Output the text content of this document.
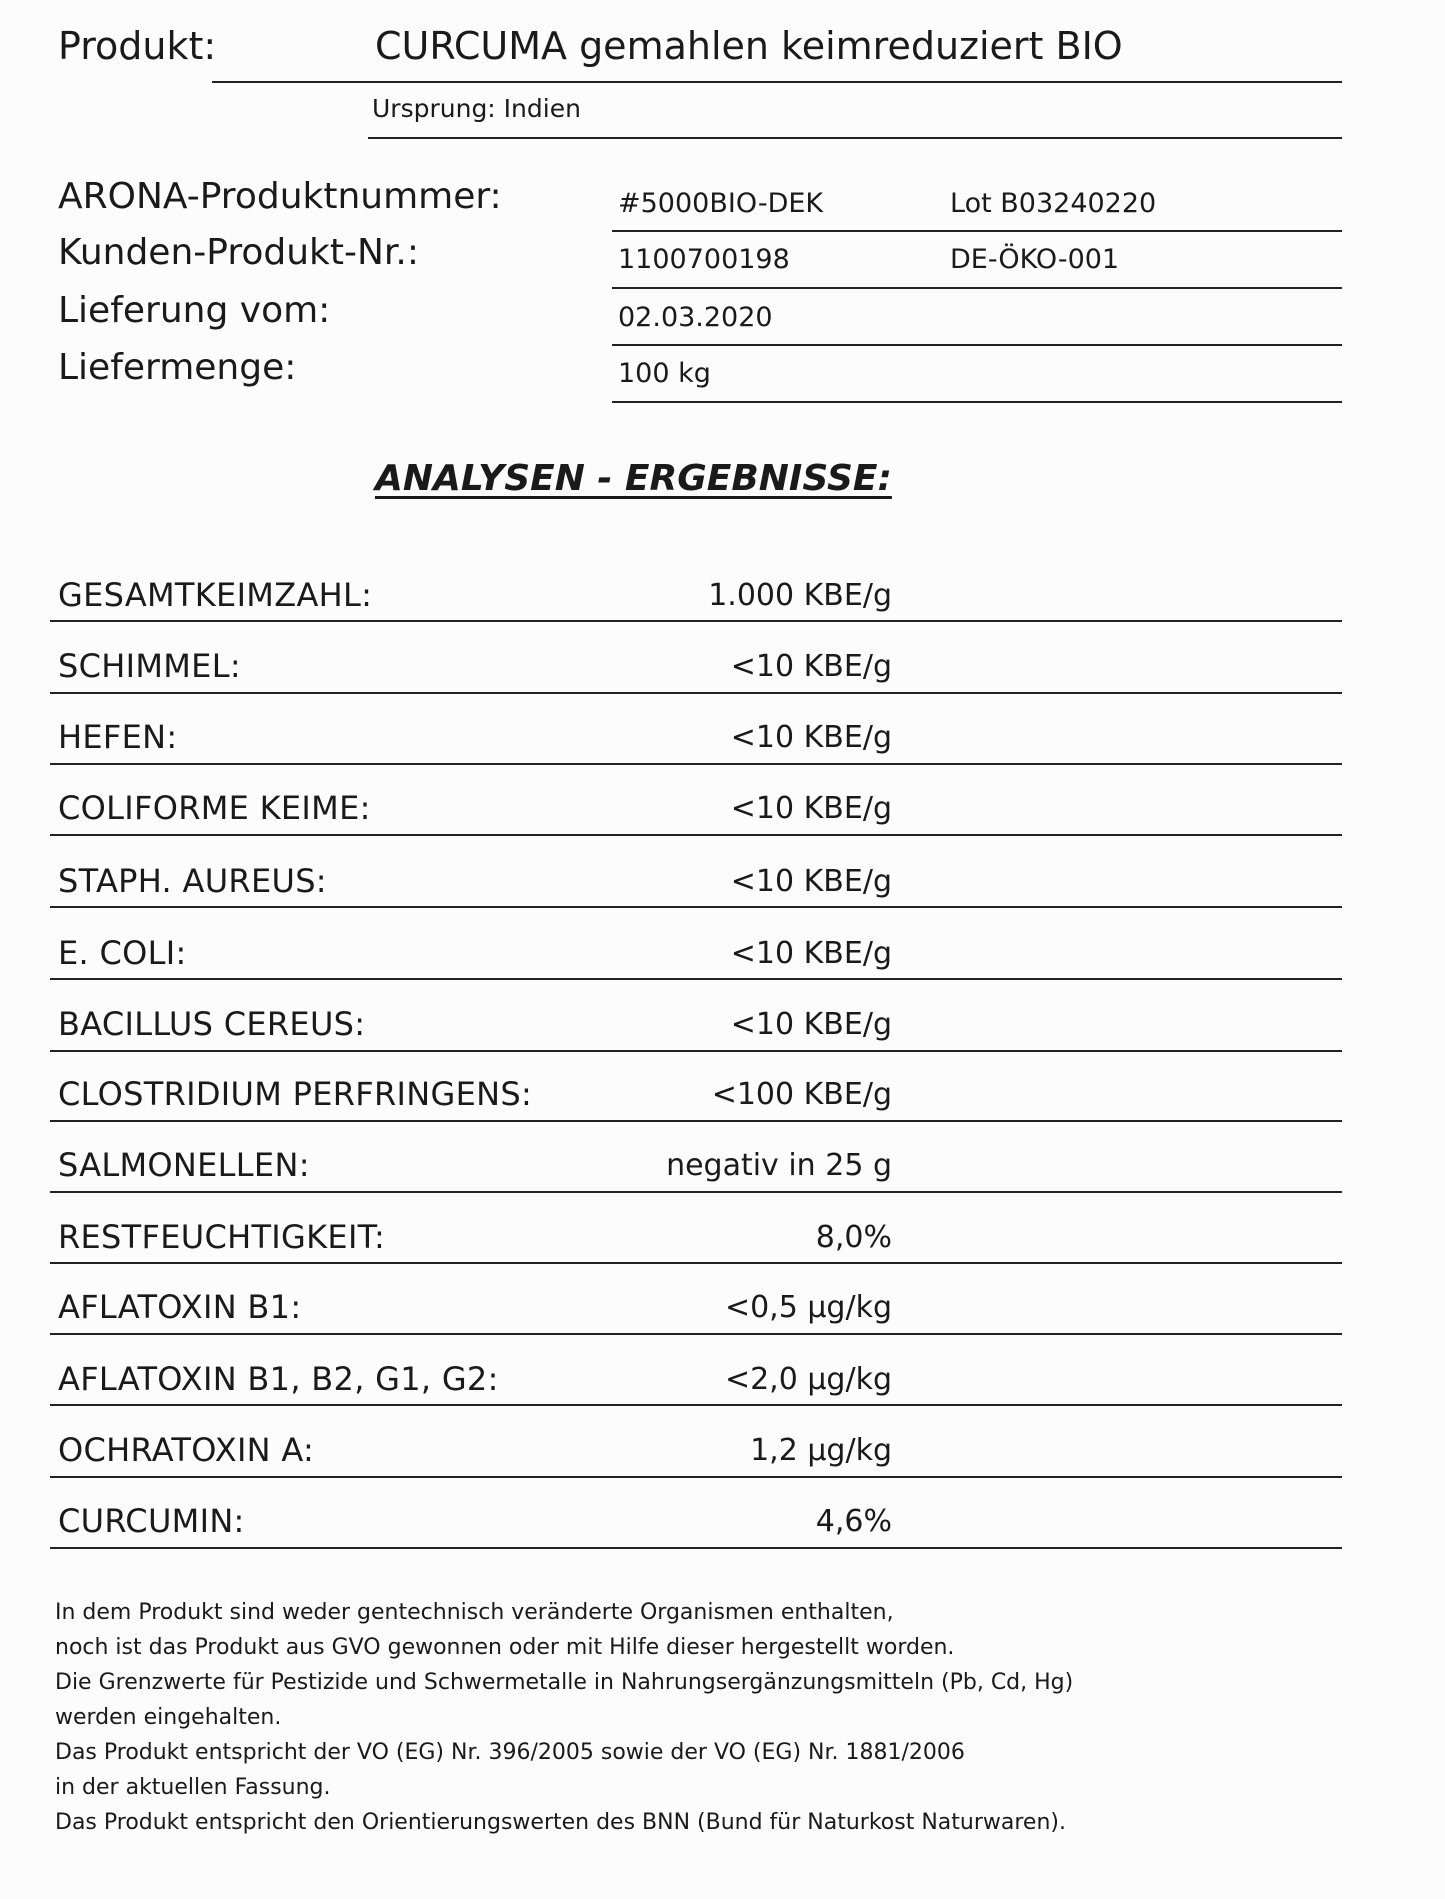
Produkt:	CURCUMA gemahlen keimreduziert BIO
Ursprung: Indien
ARONA-Produktnummer:	#5000BIO-DEK	Lot B03240220
Kunden-Produkt-Nr.:	1100700198	DE-ÖKO-001
Lieferung vom:	02.03.2020
Liefermenge:	100 kg
ANALYSEN - ERGEBNISSE:
GESAMTKEIMZAHL:	1.000 KBE/g
SCHIMMEL:	<10 KBE/g
HEFEN:	<10 KBE/g
COLIFORME KEIME:	<10 KBE/g
STAPH. AUREUS:	<10 KBE/g
E. COLI:	<10 KBE/g
BACILLUS CEREUS:	<10 KBE/g
CLOSTRIDIUM PERFRINGENS:	<100 KBE/g
SALMONELLEN:	negativ in 25 g
RESTFEUCHTIGKEIT:	8,0%
AFLATOXIN B1:	<0,5 µg/kg
AFLATOXIN B1, B2, G1, G2:	<2,0 µg/kg
OCHRATOXIN A:	1,2 µg/kg
CURCUMIN:	4,6%
In dem Produkt sind weder gentechnisch veränderte Organismen enthalten,
noch ist das Produkt aus GVO gewonnen oder mit Hilfe dieser hergestellt worden.
Die Grenzwerte für Pestizide und Schwermetalle in Nahrungsergänzungsmitteln (Pb, Cd, Hg)
werden eingehalten.
Das Produkt entspricht der VO (EG) Nr. 396/2005 sowie der VO (EG) Nr. 1881/2006
in der aktuellen Fassung.
Das Produkt entspricht den Orientierungswerten des BNN (Bund für Naturkost Naturwaren).
